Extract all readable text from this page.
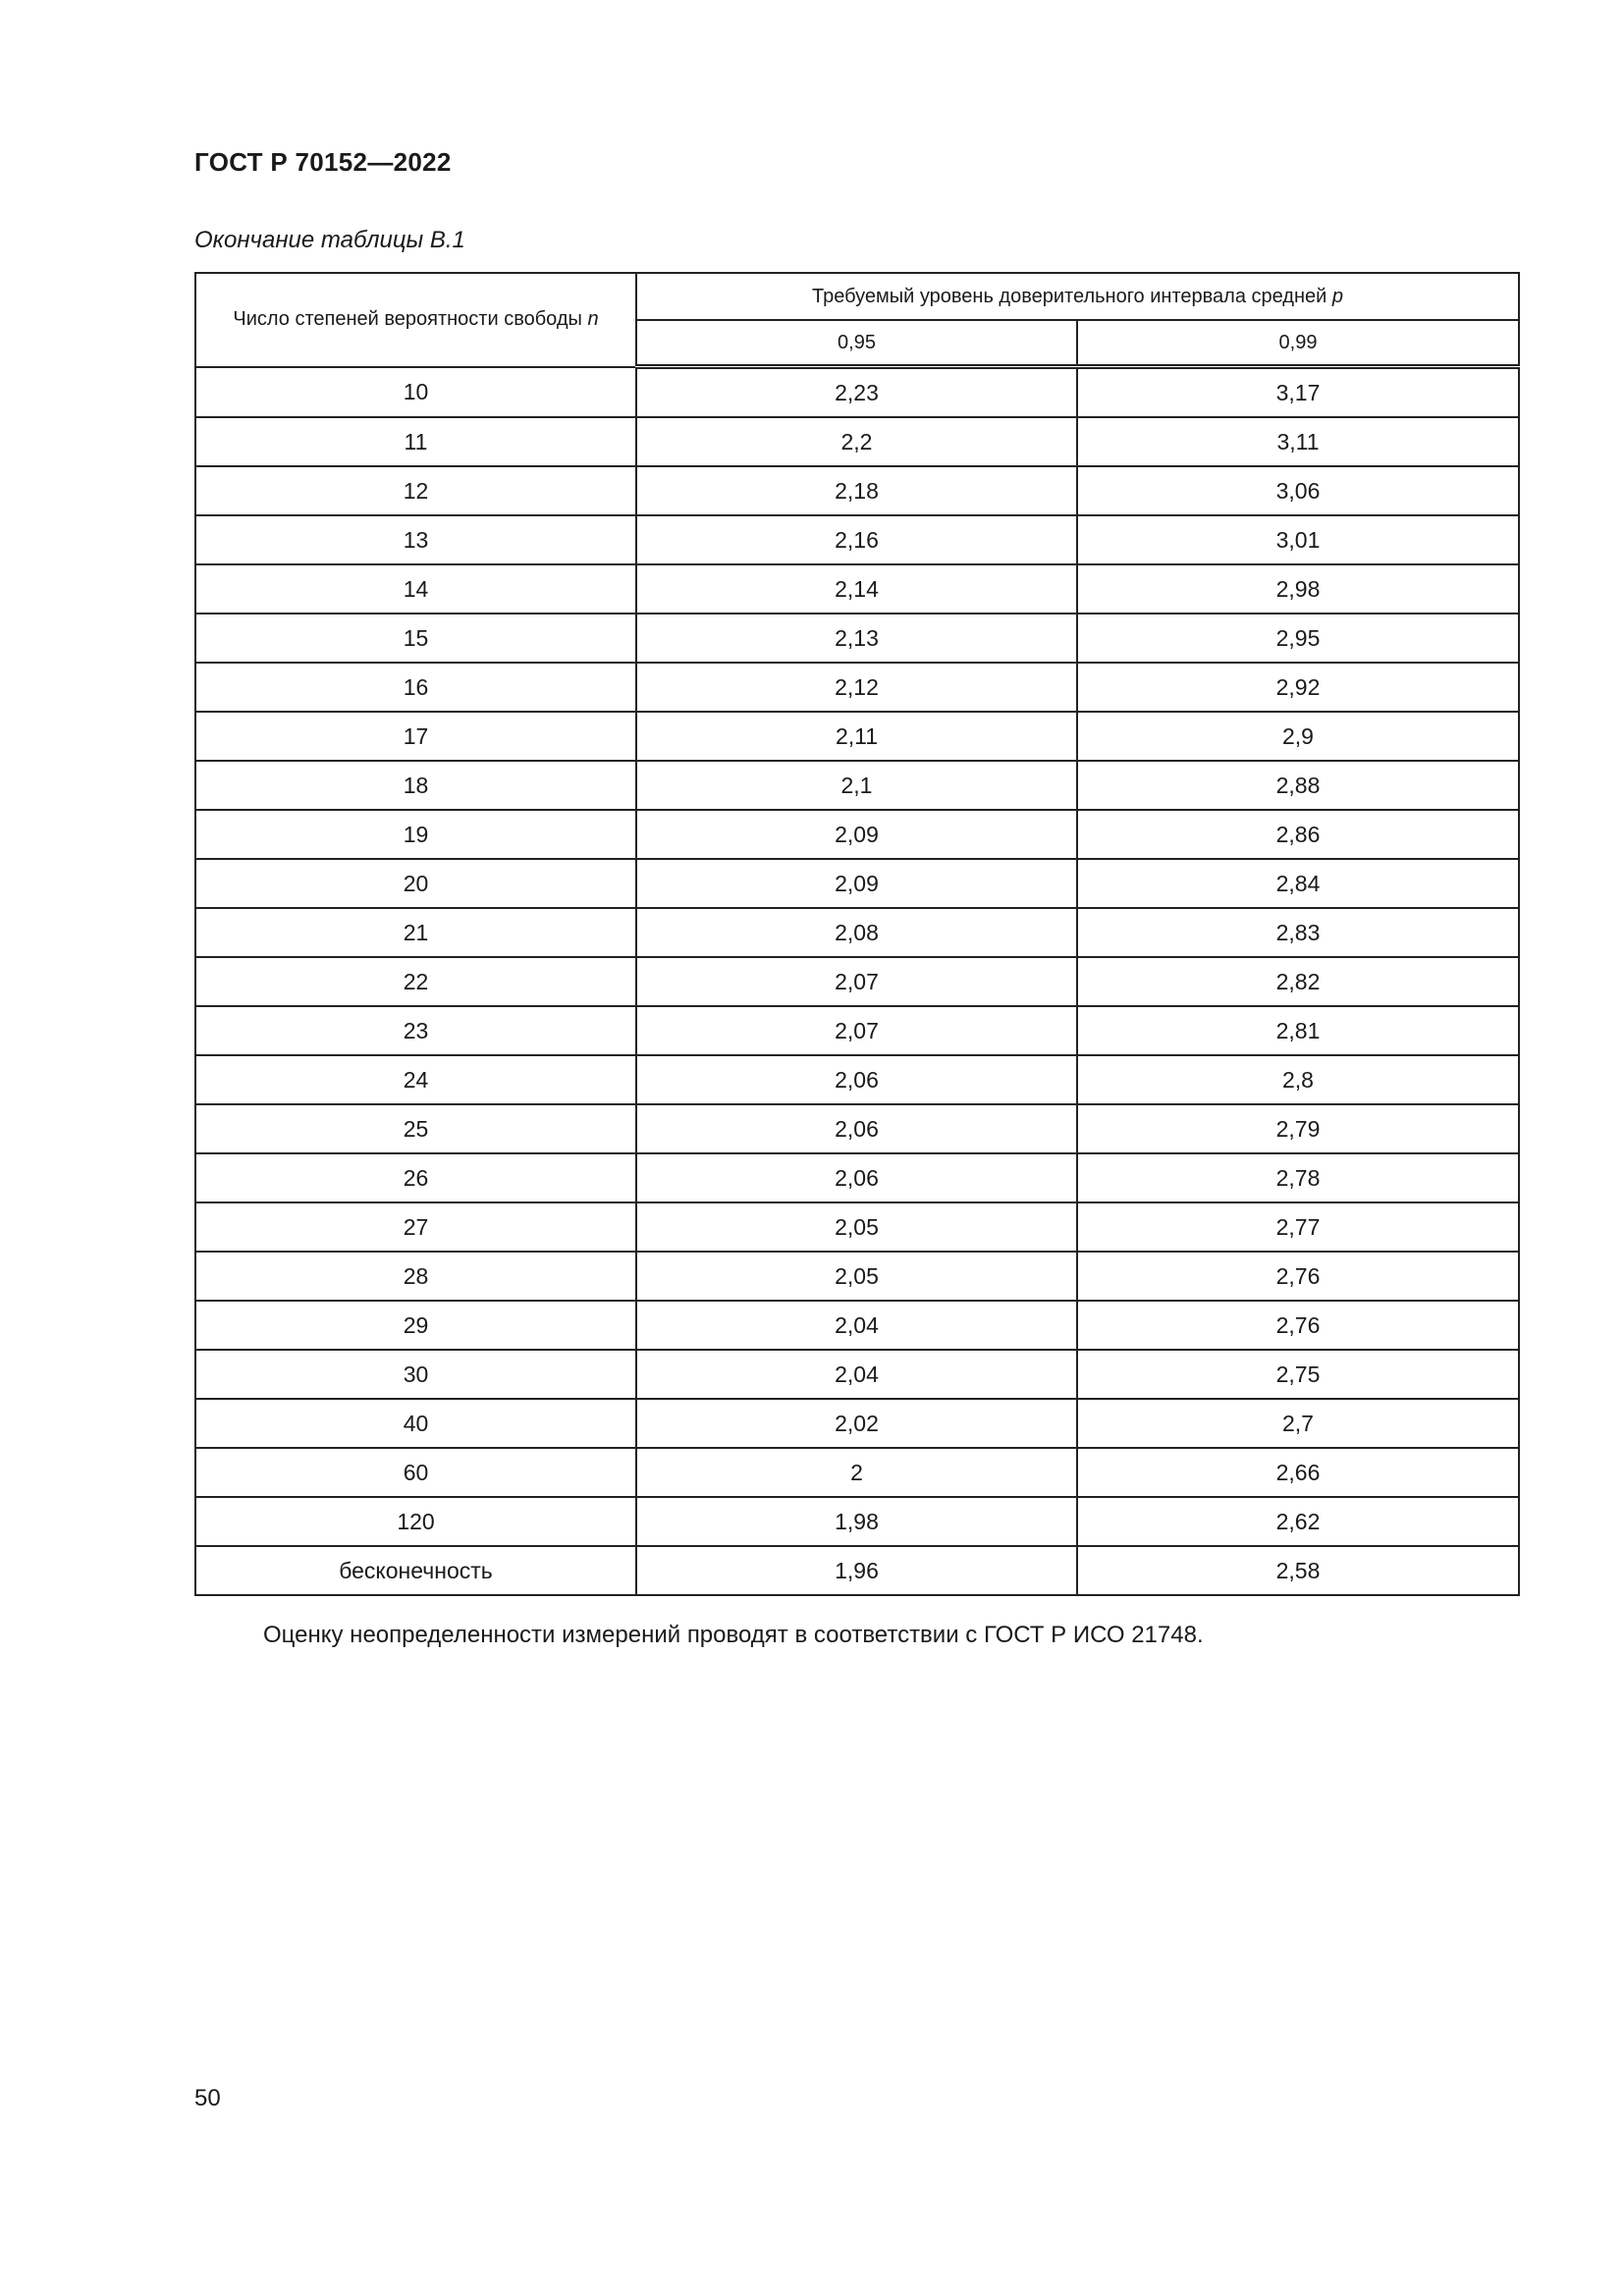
ГОСТ Р 70152—2022
Окончание таблицы В.1
Число степеней вероятности свободы n	Требуемый уровень доверительного интервала средней p	
	0,95	0,99
10	2,23	3,17
11	2,2	3,11
12	2,18	3,06
13	2,16	3,01
14	2,14	2,98
15	2,13	2,95
16	2,12	2,92
17	2,11	2,9
18	2,1	2,88
19	2,09	2,86
20	2,09	2,84
21	2,08	2,83
22	2,07	2,82
23	2,07	2,81
24	2,06	2,8
25	2,06	2,79
26	2,06	2,78
27	2,05	2,77
28	2,05	2,76
29	2,04	2,76
30	2,04	2,75
40	2,02	2,7
60	2	2,66
120	1,98	2,62
бесконечность	1,96	2,58
Оценку неопределенности измерений проводят в соответствии с ГОСТ Р ИСО 21748.
50
